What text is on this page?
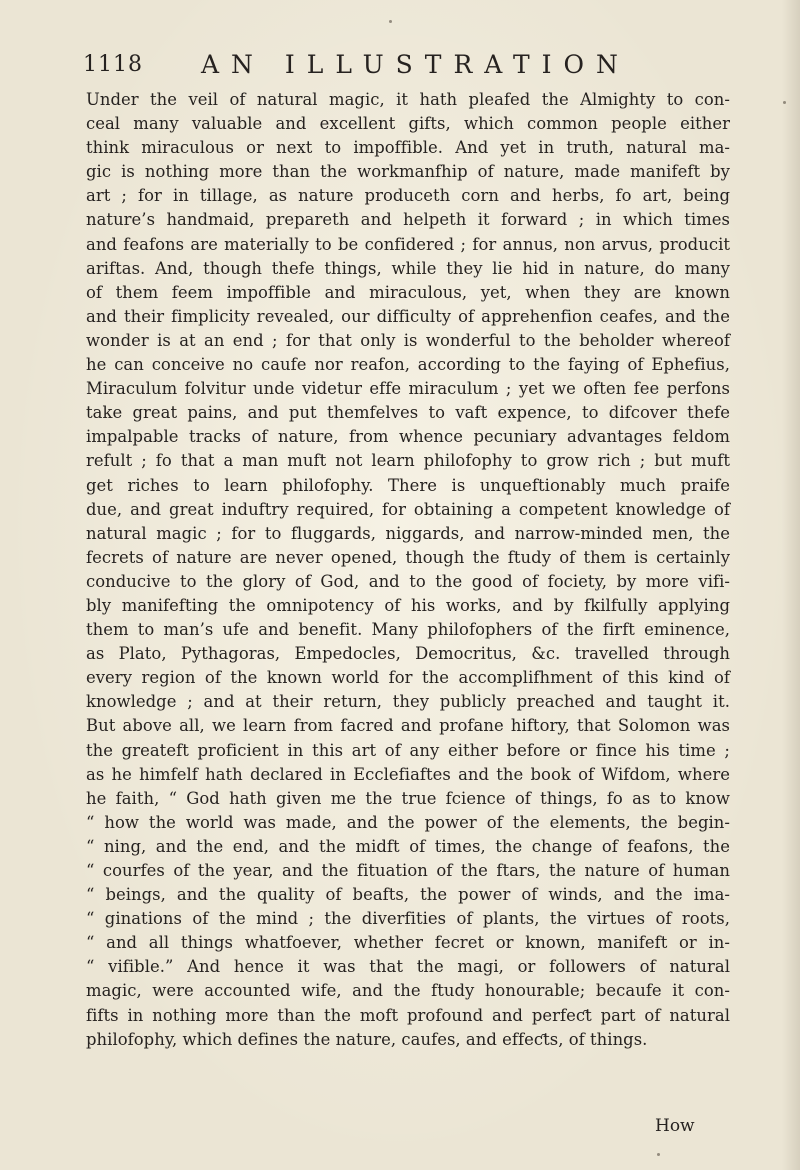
1118 AN ILLUSTRATION
Under the veil of natural magic, it hath pleafed the Almighty to con-
ceal many valuable and excellent gifts, which common people either
think miraculous or next to impoffible. And yet in truth, natural ma-
gic is nothing more than the workmanfhip of nature, made manifeft by
art ; for in tillage, as nature produceth corn and herbs, fo art, being
nature’s handmaid, prepareth and helpeth it forward ; in which times
and feafons are materially to be confidered ; for annus, non arvus, producit
ariftas. And, though thefe things, while they lie hid in nature, do many
of them feem impoffible and miraculous, yet, when they are known
and their fimplicity revealed, our difficulty of apprehenfion ceafes, and the
wonder is at an end ; for that only is wonderful to the beholder whereof
he can conceive no caufe nor reafon, according to the faying of Ephefius,
Miraculum folvitur unde videtur effe miraculum ; yet we often fee perfons
take great pains, and put themfelves to vaft expence, to difcover thefe
impalpable tracks of nature, from whence pecuniary advantages feldom
refult ; fo that a man muft not learn philofophy to grow rich ; but muft
get riches to learn philofophy. There is unqueftionably much praife
due, and great induftry required, for obtaining a competent knowledge of
natural magic ; for to fluggards, niggards, and narrow-minded men, the
fecrets of nature are never opened, though the ftudy of them is certainly
conducive to the glory of God, and to the good of fociety, by more vifi-
bly manifefting the omnipotency of his works, and by fkilfully applying
them to man’s ufe and benefit. Many philofophers of the firft eminence,
as Plato, Pythagoras, Empedocles, Democritus, &c. travelled through
every region of the known world for the accomplifhment of this kind of
knowledge ; and at their return, they publicly preached and taught it.
But above all, we learn from facred and profane hiftory, that Solomon was
the greateft proficient in this art of any either before or fince his time ;
as he himfelf hath declared in Ecclefiaftes and the book of Wifdom, where
he faith, “ God hath given me the true fcience of things, fo as to know
“ how the world was made, and the power of the elements, the begin-
“ ning, and the end, and the midft of times, the change of feafons, the
“ courfes of the year, and the fituation of the ftars, the nature of human
“ beings, and the quality of beafts, the power of winds, and the ima-
“ ginations of the mind ; the diverfities of plants, the virtues of roots,
“ and all things whatfoever, whether fecret or known, manifeft or in-
“ vifible.” And hence it was that the magi, or followers of natural
magic, were accounted wife, and the ftudy honourable; becaufe it con-
fifts in nothing more than the moft profound and perfeƈt part of natural
philofophy, which defines the nature, caufes, and effeƈts, of things.
How
